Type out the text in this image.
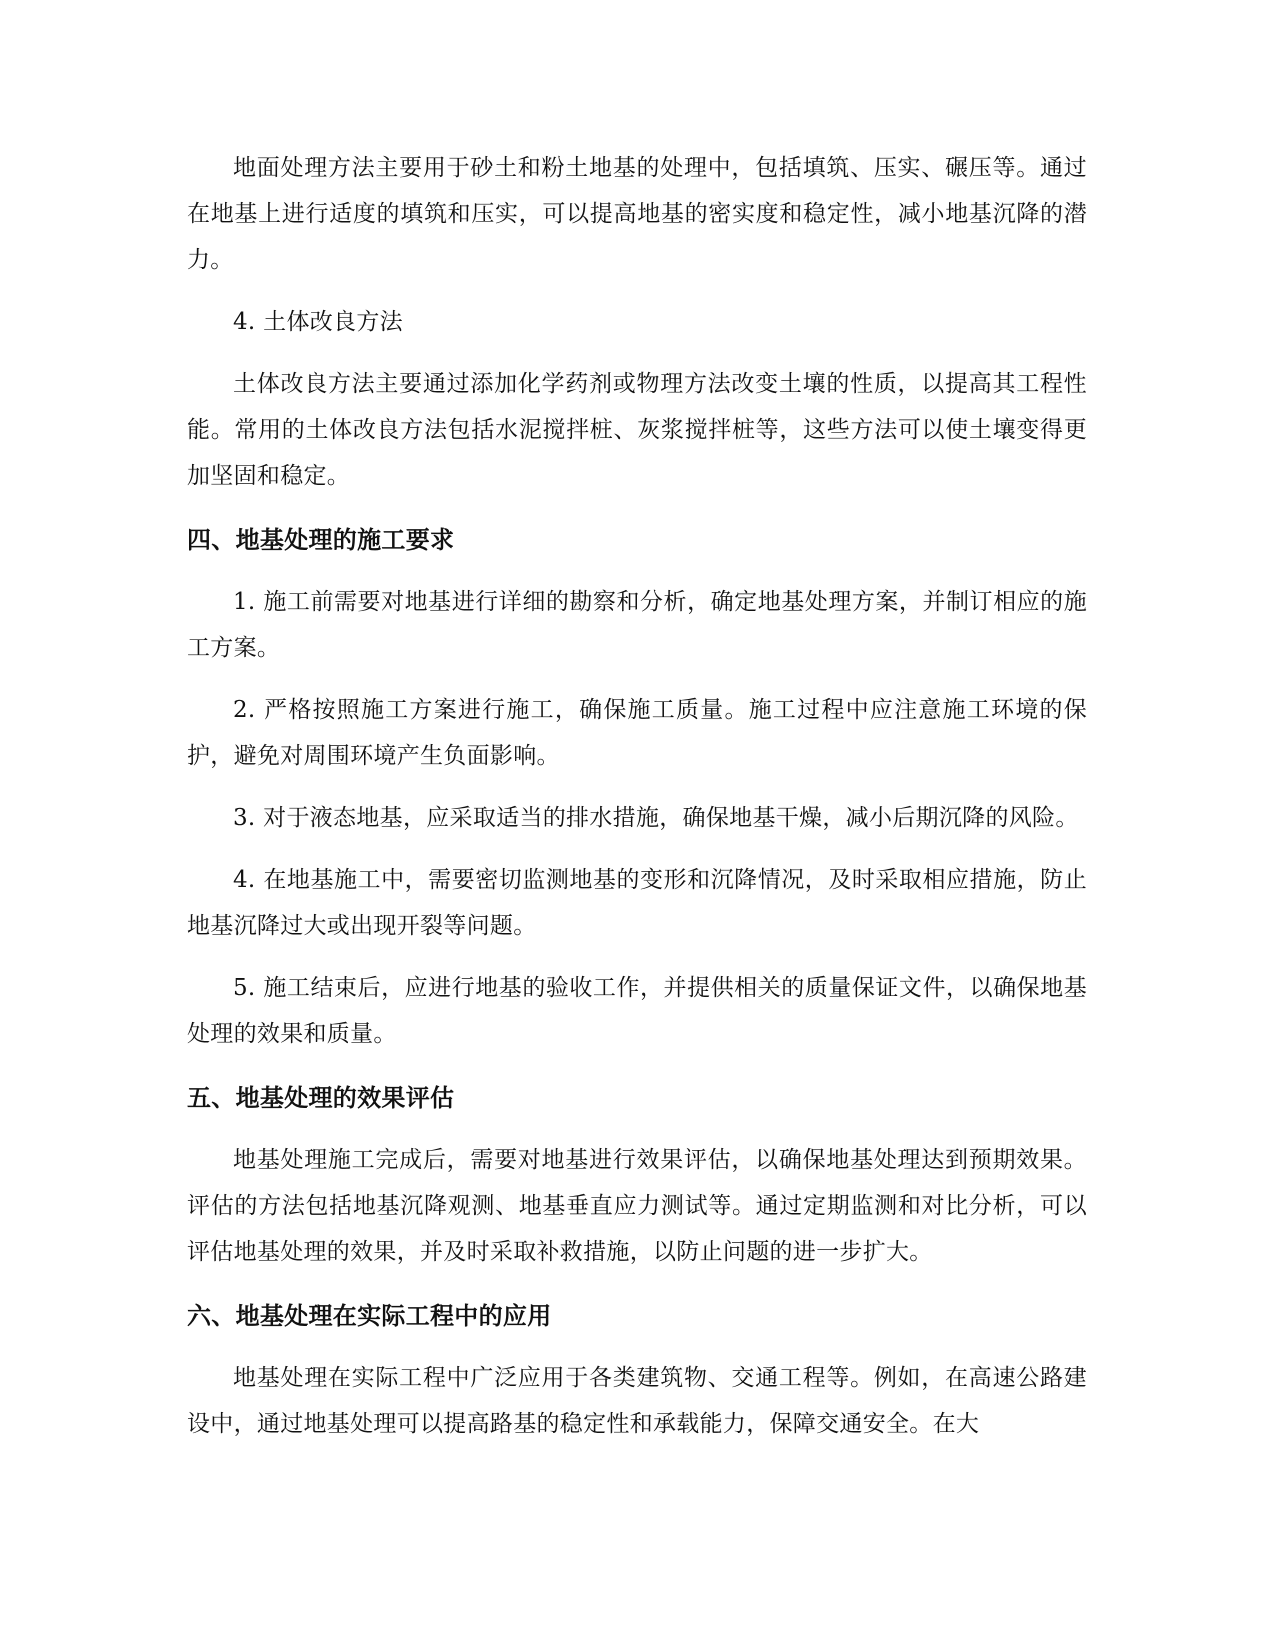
地面处理方法主要用于砂土和粉土地基的处理中，包括填筑、压实、碾压等。通过在地基上进行适度的填筑和压实，可以提高地基的密实度和稳定性，减小地基沉降的潜力。

4. 土体改良方法

土体改良方法主要通过添加化学药剂或物理方法改变土壤的性质，以提高其工程性能。常用的土体改良方法包括水泥搅拌桩、灰浆搅拌桩等，这些方法可以使土壤变得更加坚固和稳定。

四、地基处理的施工要求

1. 施工前需要对地基进行详细的勘察和分析，确定地基处理方案，并制订相应的施工方案。

2. 严格按照施工方案进行施工，确保施工质量。施工过程中应注意施工环境的保护，避免对周围环境产生负面影响。

3. 对于液态地基，应采取适当的排水措施，确保地基干燥，减小后期沉降的风险。

4. 在地基施工中，需要密切监测地基的变形和沉降情况，及时采取相应措施，防止地基沉降过大或出现开裂等问题。

5. 施工结束后，应进行地基的验收工作，并提供相关的质量保证文件，以确保地基处理的效果和质量。

五、地基处理的效果评估

地基处理施工完成后，需要对地基进行效果评估，以确保地基处理达到预期效果。评估的方法包括地基沉降观测、地基垂直应力测试等。通过定期监测和对比分析，可以评估地基处理的效果，并及时采取补救措施，以防止问题的进一步扩大。

六、地基处理在实际工程中的应用

地基处理在实际工程中广泛应用于各类建筑物、交通工程等。例如，在高速公路建设中，通过地基处理可以提高路基的稳定性和承载能力，保障交通安全。在大
